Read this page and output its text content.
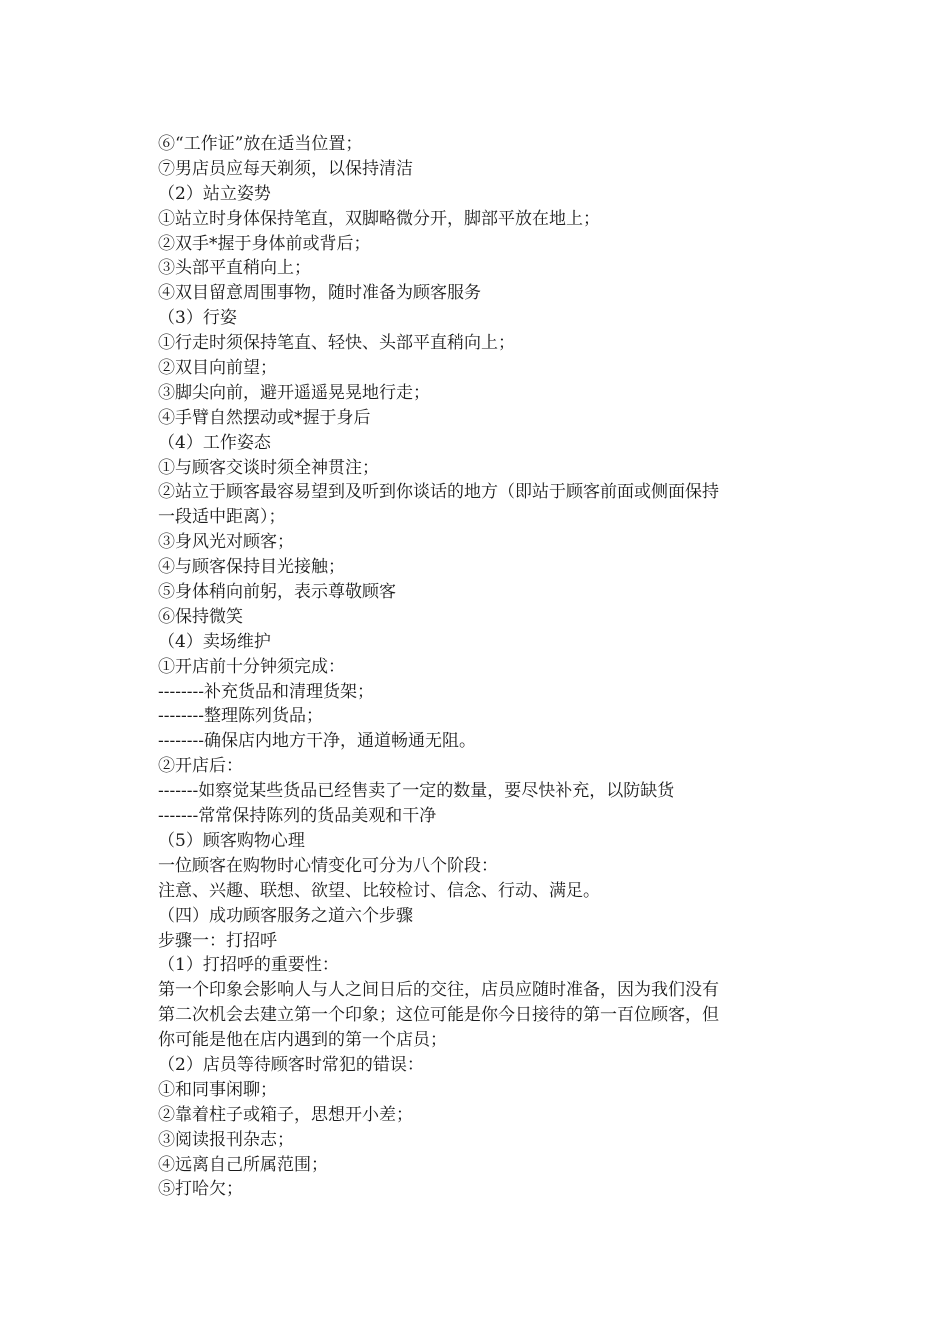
⑥“工作证”放在适当位置；
⑦男店员应每天剃须，以保持清洁
（2）站立姿势
①站立时身体保持笔直，双脚略微分开，脚部平放在地上；
②双手*握于身体前或背后；
③头部平直稍向上；
④双目留意周围事物，随时准备为顾客服务
（3）行姿
①行走时须保持笔直、轻快、头部平直稍向上；
②双目向前望；
③脚尖向前，避开遥遥晃晃地行走；
④手臂自然摆动或*握于身后
（4）工作姿态
①与顾客交谈时须全神贯注；
②站立于顾客最容易望到及听到你谈话的地方（即站于顾客前面或侧面保持
一段适中距离）；
③身风光对顾客；
④与顾客保持目光接触；
⑤身体稍向前躬，表示尊敬顾客
⑥保持微笑
（4）卖场维护
①开店前十分钟须完成：
--------补充货品和清理货架；
--------整理陈列货品；
--------确保店内地方干净，通道畅通无阻。
②开店后：
-------如察觉某些货品已经售卖了一定的数量，要尽快补充，以防缺货
-------常常保持陈列的货品美观和干净
（5）顾客购物心理
一位顾客在购物时心情变化可分为八个阶段：
注意、兴趣、联想、欲望、比较检讨、信念、行动、满足。
（四）成功顾客服务之道六个步骤
步骤一：打招呼
（1）打招呼的重要性：
第一个印象会影响人与人之间日后的交往，店员应随时准备，因为我们没有
第二次机会去建立第一个印象；这位可能是你今日接待的第一百位顾客，但
你可能是他在店内遇到的第一个店员；
（2）店员等待顾客时常犯的错误：
①和同事闲聊；
②靠着柱子或箱子，思想开小差；
③阅读报刊杂志；
④远离自己所属范围；
⑤打哈欠；
